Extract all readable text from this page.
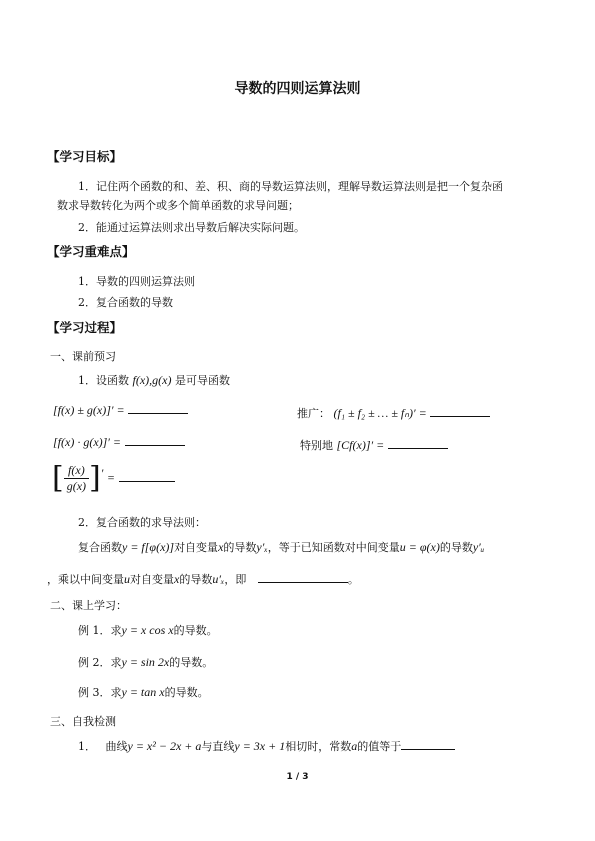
导数的四则运算法则
【学习目标】
1．记住两个函数的和、差、积、商的导数运算法则，理解导数运算法则是把一个复杂函
数求导数转化为两个或多个简单函数的求导问题；
2．能通过运算法则求出导数后解决实际问题。
【学习重难点】
1．导数的四则运算法则
2．复合函数的导数
【学习过程】
一、课前预习
1．设函数 f(x),g(x) 是可导函数
[f(x) ± g(x)]′ =	推广： (f₁ ± f₂ ± … ± fₙ)′ =
[f(x) · g(x)]′ =	特别地 [Cf(x)]′ =
[ $\frac{f(x)}{g(x)} ]'$ =
2．复合函数的求导法则：
复合函数y = f[φ(x)]对自变量x的导数y′ₓ，等于已知函数对中间变量u = φ(x)的导数y′ᵤ
，乘以中间变量u对自变量x的导数u′ₓ，即	。
二、课上学习：
例 1．求y = x cos x的导数。
例 2．求y = sin 2x的导数。
例 3．求y = tan x的导数。
三、自我检测
1． 曲线y = x² − 2x + a与直线y = 3x + 1相切时，常数a的值等于
1 / 3
